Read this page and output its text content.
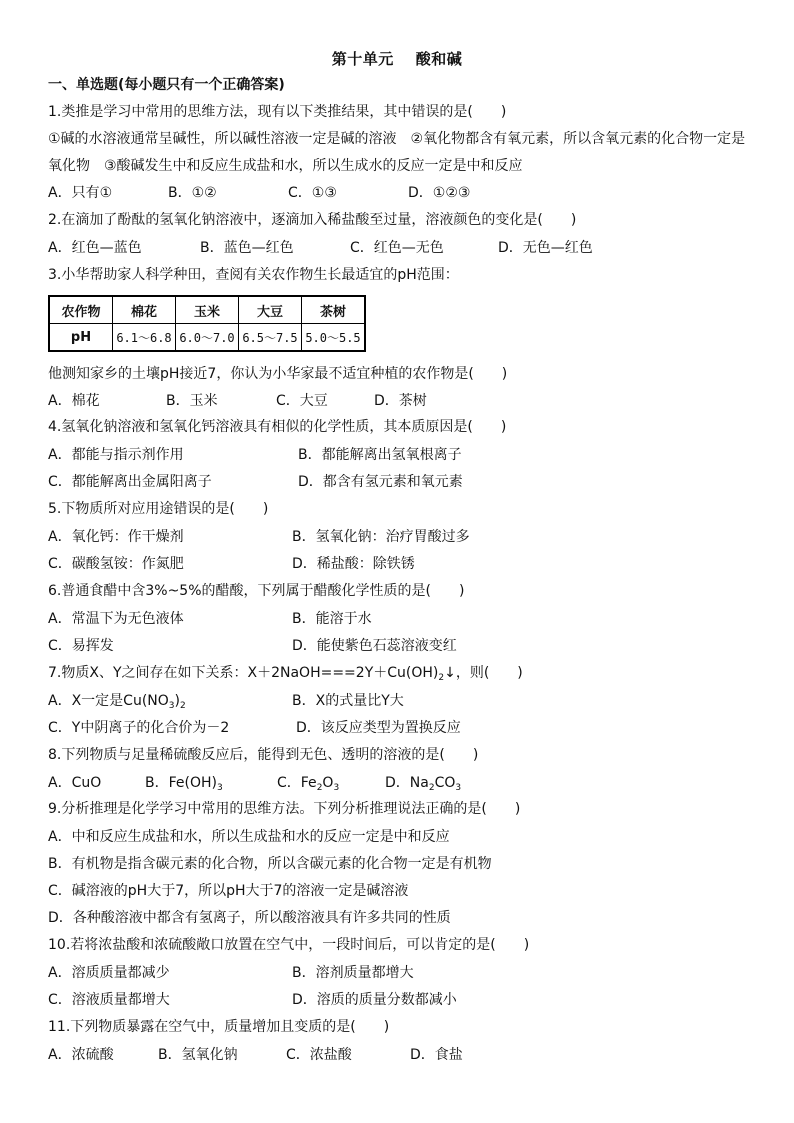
第十单元 酸和碱
一、单选题(每小题只有一个正确答案)
1.类推是学习中常用的思维方法，现有以下类推结果，其中错误的是(　　)
①碱的水溶液通常呈碱性，所以碱性溶液一定是碱的溶液　②氧化物都含有氧元素，所以含氧元素的化合物一定是氧化物　③酸碱发生中和反应生成盐和水，所以生成水的反应一定是中和反应
A．只有①	B．①②	C．①③	D．①②③
2.在滴加了酚酞的氢氧化钠溶液中，逐滴加入稀盐酸至过量，溶液颜色的变化是(　　)
A．红色—蓝色	B．蓝色—红色	C．红色—无色	D．无色—红色
3.小华帮助家人科学种田，查阅有关农作物生长最适宜的pH范围：
农作物	棉花	玉米	大豆	茶树
pH	6.1～6.8	6.0～7.0	6.5～7.5	5.0～5.5
他测知家乡的土壤pH接近7，你认为小华家最不适宜种植的农作物是(　　)
A．棉花	B．玉米	C．大豆	D．茶树
4.氢氧化钠溶液和氢氧化钙溶液具有相似的化学性质，其本质原因是(　　)
A．都能与指示剂作用	B．都能解离出氢氧根离子
C．都能解离出金属阳离子	D．都含有氢元素和氧元素
5.下物质所对应用途错误的是(　　)
A．氧化钙：作干燥剂	B．氢氧化钠：治疗胃酸过多
C．碳酸氢铵：作氮肥	D．稀盐酸：除铁锈
6.普通食醋中含3%~5%的醋酸，下列属于醋酸化学性质的是(　　)
A．常温下为无色液体	B．能溶于水
C．易挥发	D．能使紫色石蕊溶液变红
7.物质X、Y之间存在如下关系：$X+2NaOH===2Y+Cu(OH)_2↓$，则(　　)
A．X一定是$Cu(NO_3)_2$	B．X的式量比Y大
C．Y中阴离子的化合价为－2	D．该反应类型为置换反应
8.下列物质与足量稀硫酸反应后，能得到无色、透明的溶液的是(　　)
A．CuO	B．$Fe(OH)_3$	C．$Fe_2O_3$	D．$Na_2CO_3$
9.分析推理是化学学习中常用的思维方法。下列分析推理说法正确的是(　　)
A．中和反应生成盐和水，所以生成盐和水的反应一定是中和反应
B．有机物是指含碳元素的化合物，所以含碳元素的化合物一定是有机物
C．碱溶液的pH大于7，所以pH大于7的溶液一定是碱溶液
D．各种酸溶液中都含有氢离子，所以酸溶液具有许多共同的性质
10.若将浓盐酸和浓硫酸敞口放置在空气中，一段时间后，可以肯定的是(　　)
A．溶质质量都减少	B．溶剂质量都增大
C．溶液质量都增大	D．溶质的质量分数都减小
11.下列物质暴露在空气中，质量增加且变质的是(　　)
A．浓硫酸	B．氢氧化钠	C．浓盐酸	D．食盐
